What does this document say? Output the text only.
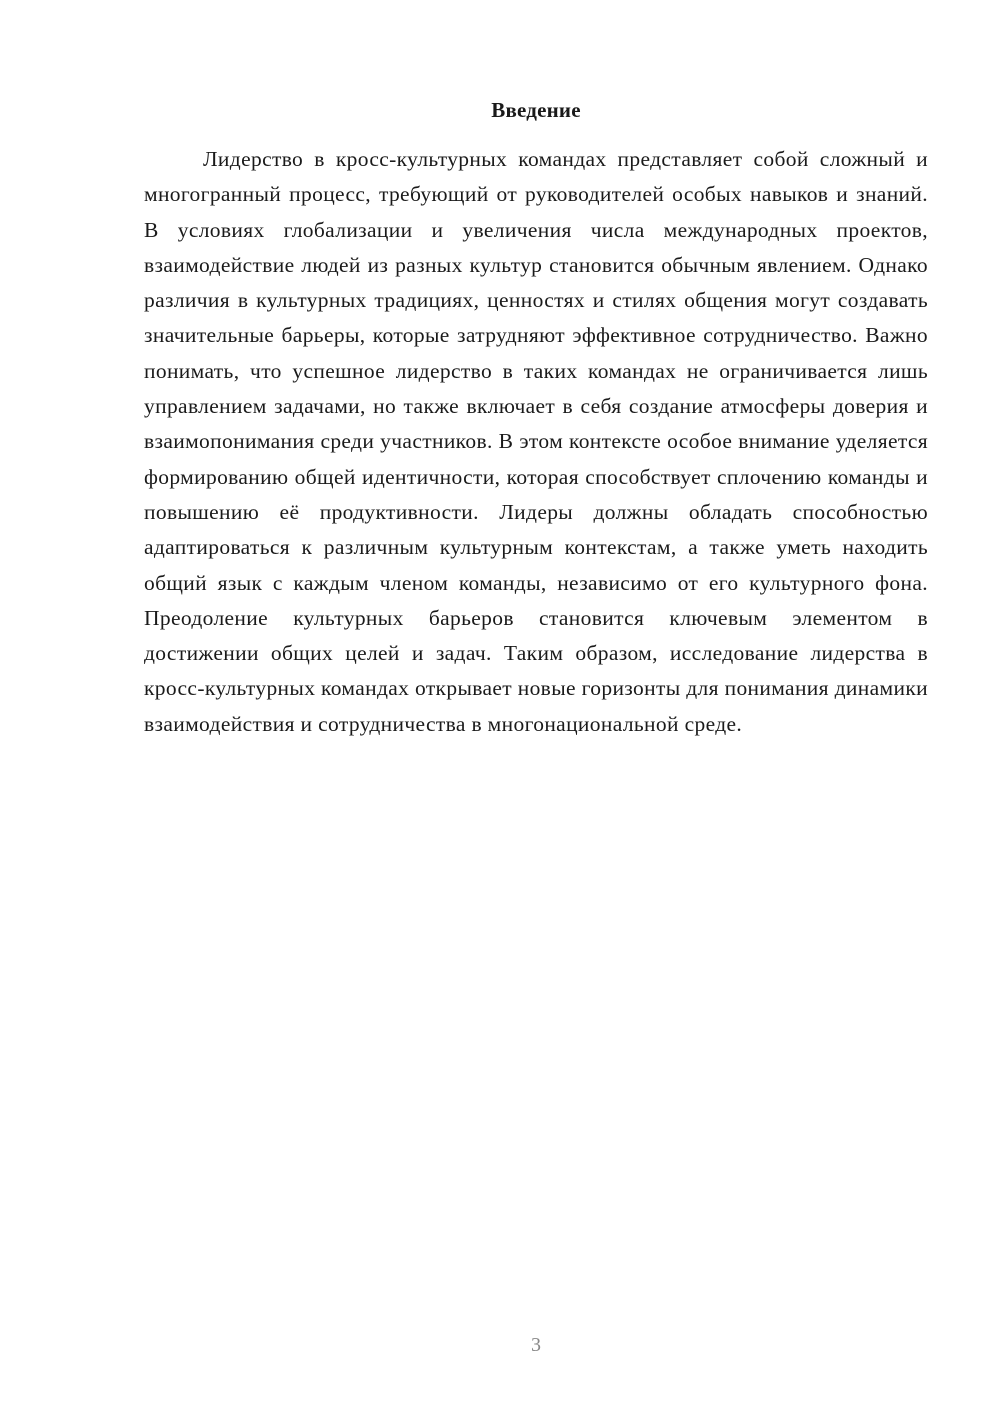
Введение

Лидерство в кросс-культурных командах представляет собой сложный и многогранный процесс, требующий от руководителей особых навыков и знаний. В условиях глобализации и увеличения числа международных проектов, взаимодействие людей из разных культур становится обычным явлением. Однако различия в культурных традициях, ценностях и стилях общения могут создавать значительные барьеры, которые затрудняют эффективное сотрудничество. Важно понимать, что успешное лидерство в таких командах не ограничивается лишь управлением задачами, но также включает в себя создание атмосферы доверия и взаимопонимания среди участников. В этом контексте особое внимание уделяется формированию общей идентичности, которая способствует сплочению команды и повышению её продуктивности. Лидеры должны обладать способностью адаптироваться к различным культурным контекстам, а также уметь находить общий язык с каждым членом команды, независимо от его культурного фона. Преодоление культурных барьеров становится ключевым элементом в достижении общих целей и задач. Таким образом, исследование лидерства в кросс-культурных командах открывает новые горизонты для понимания динамики взаимодействия и сотрудничества в многонациональной среде.

3
